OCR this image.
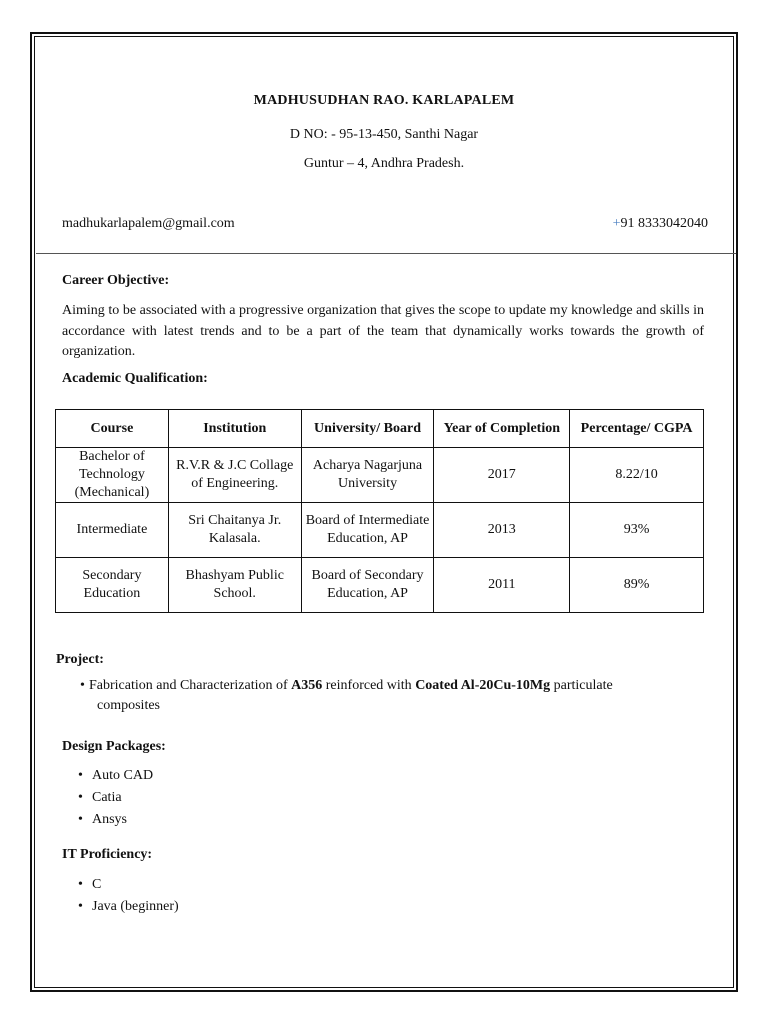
MADHUSUDHAN RAO. KARLAPALEM
D NO: - 95-13-450, Santhi Nagar
Guntur – 4, Andhra Pradesh.
madhukarlapalem@gmail.com	+91 8333042040
Career Objective:
Aiming to be associated with a progressive organization that gives the scope to update my knowledge and skills in accordance with latest trends and to be a part of the team that dynamically works towards the growth of organization.
Academic Qualification:
Course	Institution	University/ Board	Year of Completion	Percentage/ CGPA
Bachelor of Technology (Mechanical)	R.V.R & J.C Collage of Engineering.	Acharya Nagarjuna University	2017	8.22/10
Intermediate	Sri Chaitanya Jr. Kalasala.	Board of Intermediate Education, AP	2013	93%
Secondary Education	Bhashyam Public School.	Board of Secondary Education, AP	2011	89%
Project:
• Fabrication and Characterization of A356 reinforced with Coated Al-20Cu-10Mg particulate
composites
Design Packages:
• Auto CAD
• Catia
• Ansys
IT Proficiency:
• C
• Java (beginner)
